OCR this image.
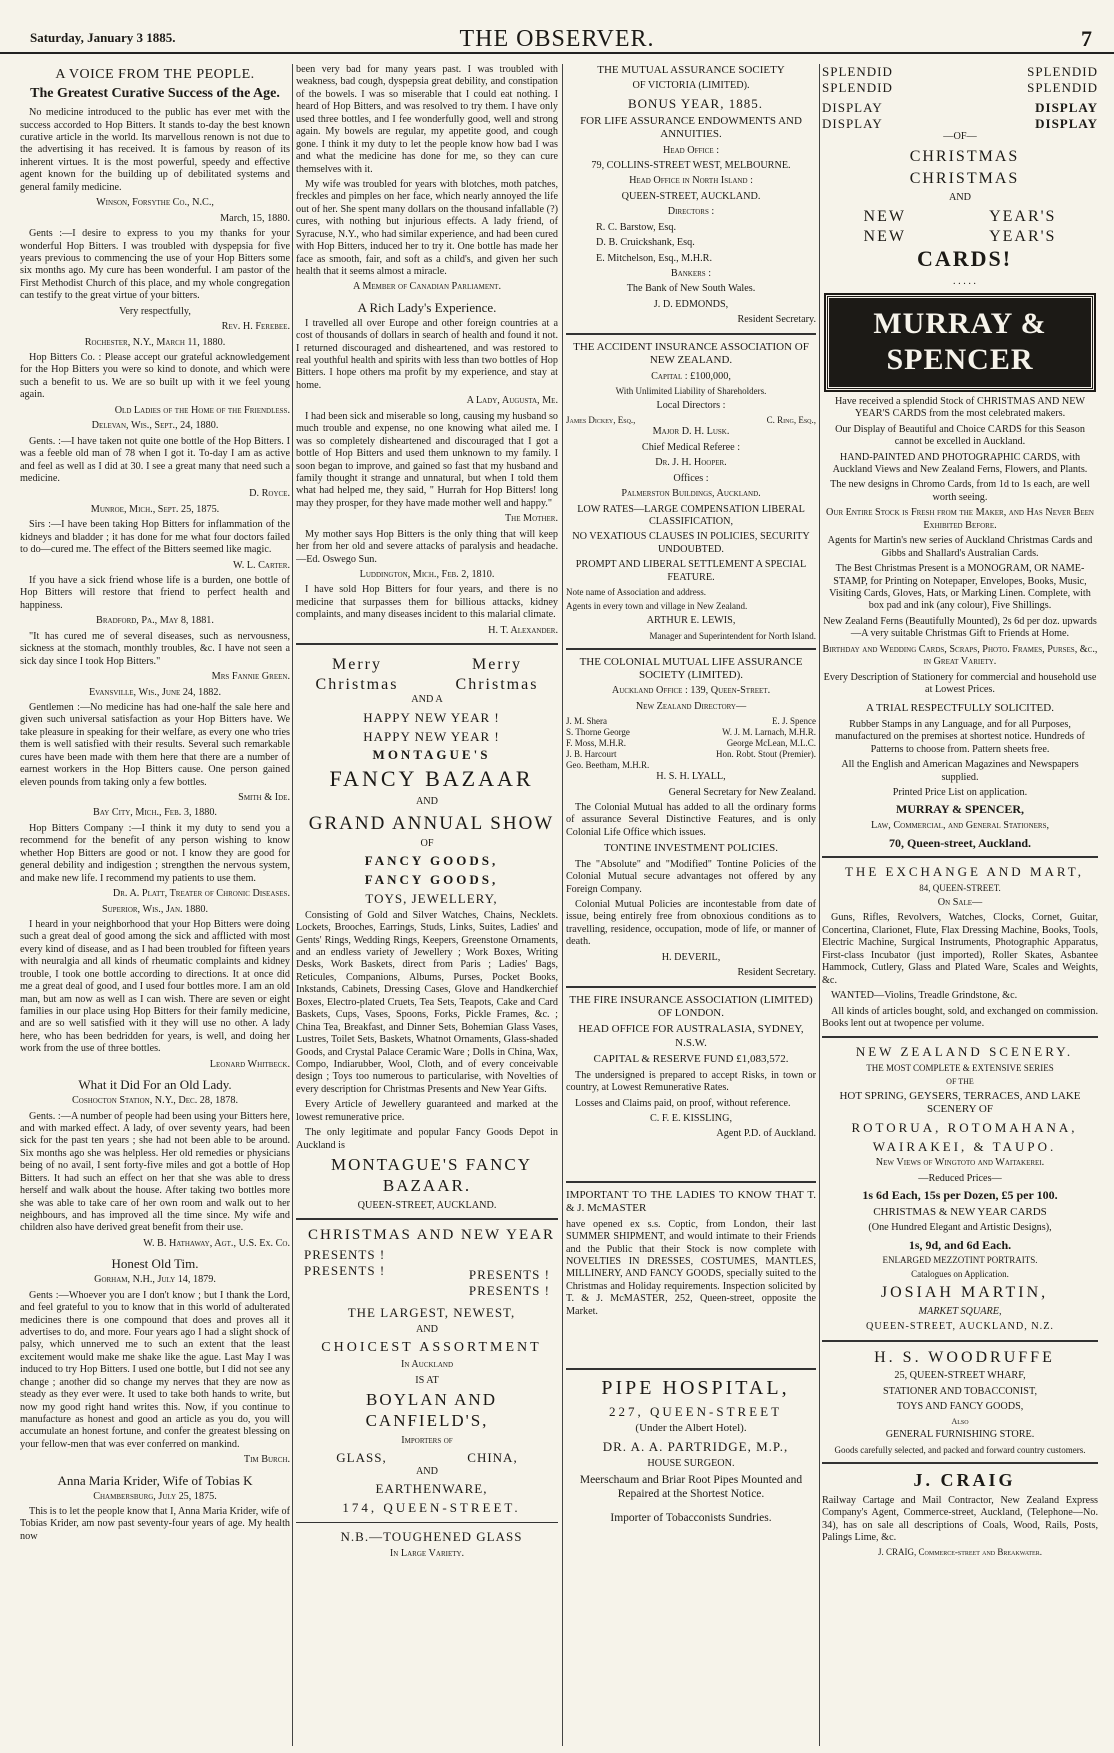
Saturday, January 3 1885.	THE OBSERVER.	7
A VOICE FROM THE PEOPLE.
The Greatest Curative Success of the Age.

No medicine introduced to the public has ever met with the success accorded to Hop Bitters. It stands to-day the best known curative article in the world. Its marvellous renown is not due to the advertising it has received. It is famous by reason of its inherent virtues. It is the most powerful, speedy and effective agent known for the building up of debilitated systems and general family medicine.

Winson, Forsythe Co., N.C.,

March, 15, 1880.

Gents :—I desire to express to you my thanks for your wonderful Hop Bitters. I was troubled with dyspepsia for five years previous to commencing the use of your Hop Bitters some six months ago. My cure has been wonderful. I am pastor of the First Methodist Church of this place, and my whole congregation can testify to the great virtue of your bitters.

Very respectfully,

Rev. H. Ferebee.

Rochester, N.Y., March 11, 1880.

Hop Bitters Co. : Please accept our grateful acknowledgement for the Hop Bitters you were so kind to donote, and which were such a benefit to us. We are so built up with it we feel young again.

Old Ladies of the Home of the Friendless.

Delevan, Wis., Sept., 24, 1880.

Gents. :—I have taken not quite one bottle of the Hop Bitters. I was a feeble old man of 78 when I got it. To-day I am as active and feel as well as I did at 30. I see a great many that need such a medicine.

D. Royce.

Munroe, Mich., Sept. 25, 1875.

Sirs :—I have been taking Hop Bitters for inflammation of the kidneys and bladder ; it has done for me what four doctors failed to do—cured me. The effect of the Bitters seemed like magic.

W. L. Carter.

If you have a sick friend whose life is a burden, one bottle of Hop Bitters will restore that friend to perfect health and happiness.

Bradford, Pa., May 8, 1881.

"It has cured me of several diseases, such as nervousness, sickness at the stomach, monthly troubles, &c. I have not seen a sick day since I took Hop Bitters."

Mrs Fannie Green.

Evansville, Wis., June 24, 1882.

Gentlemen :—No medicine has had one-half the sale here and given such universal satisfaction as your Hop Bitters have. We take pleasure in speaking for their welfare, as every one who tries them is well satisfied with their results. Several such remarkable cures have been made with them here that there are a number of earnest workers in the Hop Bitters cause. One person gained eleven pounds from taking only a few bottles.

Smith & Ide.

Bay City, Mich., Feb. 3, 1880.

Hop Bitters Company :—I think it my duty to send you a recommend for the benefit of any person wishing to know whether Hop Bitters are good or not. I know they are good for general debility and indigestion ; strengthen the nervous system, and make new life. I recommend my patients to use them.

Dr. A. Platt, Treater of Chronic Diseases.

Superior, Wis., Jan. 1880.

I heard in your neighborhood that your Hop Bitters were doing such a great deal of good among the sick and afflicted with most every kind of disease, and as I had been troubled for fifteen years with neuralgia and all kinds of rheumatic complaints and kidney trouble, I took one bottle according to directions. It at once did me a great deal of good, and I used four bottles more. I am an old man, but am now as well as I can wish. There are seven or eight families in our place using Hop Bitters for their family medicine, and are so well satisfied with it they will use no other. A lady here, who has been bedridden for years, is well, and doing her work from the use of three bottles.

Leonard Whitbeck.

What it Did For an Old Lady.

Coshocton Station, N.Y., Dec. 28, 1878.

Gents. :—A number of people had been using your Bitters here, and with marked effect. A lady, of over seventy years, had been sick for the past ten years ; she had not been able to be around. Six months ago she was helpless. Her old remedies or physicians being of no avail, I sent forty-five miles and got a bottle of Hop Bitters. It had such an effect on her that she was able to dress herself and walk about the house. After taking two bottles more she was able to take care of her own room and walk out to her neighbours, and has improved all the time since. My wife and children also have derived great benefit from their use.

W. B. Hathaway, Agt., U.S. Ex. Co.

Honest Old Tim.

Gorham, N.H., July 14, 1879.

Gents :—Whoever you are I don't know ; but I thank the Lord, and feel grateful to you to know that in this world of adulterated medicines there is one compound that does and proves all it advertises to do, and more. Four years ago I had a slight shock of palsy, which unnerved me to such an extent that the least excitement would make me shake like the ague. Last May I was induced to try Hop Bitters. I used one bottle, but I did not see any change ; another did so change my nerves that they are now as steady as they ever were. It used to take both hands to write, but now my good right hand writes this. Now, if you continue to manufacture as honest and good an article as you do, you will accumulate an honest fortune, and confer the greatest blessing on your fellow-men that was ever conferred on mankind.

Tim Burch.

Anna Maria Krider, Wife of Tobias K

Chambersburg, July 25, 1875.

This is to let the people know that I, Anna Maria Krider, wife of Tobias Krider, am now past seventy-four years of age. My health now

been very bad for many years past. I was troubled with weakness, bad cough, dyspepsia great debility, and constipation of the bowels. I was so miserable that I could eat nothing. I heard of Hop Bitters, and was resolved to try them. I have only used three bottles, and I fee wonderfully good, well and strong again. My bowels are regular, my appetite good, and cough gone. I think it my duty to let the people know how bad I was and what the medicine has done for me, so they can cure themselves with it.

My wife was troubled for years with blotches, moth patches, freckles and pimples on her face, which nearly annoyed the life out of her. She spent many dollars on the thousand infallable (?) cures, with nothing but injurious effects. A lady friend, of Syracuse, N.Y., who had similar experience, and had been cured with Hop Bitters, induced her to try it. One bottle has made her face as smooth, fair, and soft as a child's, and given her such health that it seems almost a miracle.

A Member of Canadian Parliament.

A Rich Lady's Experience.

I travelled all over Europe and other foreign countries at a cost of thousands of dollars in search of health and found it not. I returned discouraged and disheartened, and was restored to real youthful health and spirits with less than two bottles of Hop Bitters. I hope others ma profit by my experience, and stay at home.

A Lady, Augusta, Me.

I had been sick and miserable so long, causing my husband so much trouble and expense, no one knowing what ailed me. I was so completely disheartened and discouraged that I got a bottle of Hop Bitters and used them unknown to my family. I soon began to improve, and gained so fast that my husband and family thought it strange and unnatural, but when I told them what had helped me, they said, " Hurrah for Hop Bitters! long may they prosper, for they have made mother well and happy."

The Mother.

My mother says Hop Bitters is the only thing that will keep her from her old and severe attacks of paralysis and headache.—Ed. Oswego Sun.

Luddington, Mich., Feb. 2, 1810.

I have sold Hop Bitters for four years, and there is no medicine that surpasses them for billious attacks, kidney complaints, and many diseases incident to this malarial climate.

H. T. Alexander.

Merry Christmas
Merry Christmas

AND A

HAPPY NEW YEAR !

HAPPY NEW YEAR !

MONTAGUE'S

FANCY BAZAAR

AND

GRAND ANNUAL SHOW

OF

FANCY GOODS,

FANCY GOODS,

TOYS, JEWELLERY,

Consisting of Gold and Silver Watches, Chains, Necklets. Lockets, Brooches, Earrings, Studs, Links, Suites, Ladies' and Gents' Rings, Wedding Rings, Keepers, Greenstone Ornaments, and an endless variety of Jewellery ; Work Boxes, Writing Desks, Work Baskets, direct from Paris ; Ladies' Bags, Reticules, Companions, Albums, Purses, Pocket Books, Inkstands, Cabinets, Dressing Cases, Glove and Handkerchief Boxes, Electro-plated Cruets, Tea Sets, Teapots, Cake and Card Baskets, Cups, Vases, Spoons, Forks, Pickle Frames, &c. ; China Tea, Breakfast, and Dinner Sets, Bohemian Glass Vases, Lustres, Toilet Sets, Baskets, Whatnot Ornaments, Glass-shaded Goods, and Crystal Palace Ceramic Ware ; Dolls in China, Wax, Compo, Indiarubber, Wool, Cloth, and of every conceivable design ; Toys too numerous to particularise, with Novelties of every description for Christmas Presents and New Year Gifts.

Every Article of Jewellery guaranteed and marked at the lowest remunerative price.

The only legitimate and popular Fancy Goods Depot in Auckland is

MONTAGUE'S FANCY BAZAAR.

QUEEN-STREET, AUCKLAND.

CHRISTMAS AND NEW YEAR

PRESENTS !
PRESENTS !	PRESENTS !
PRESENTS !

THE LARGEST, NEWEST,

AND

CHOICEST ASSORTMENT

In Auckland

IS AT

BOYLAN AND CANFIELD'S,

Importers of

GLASS,	CHINA,

AND

EARTHENWARE,

174, QUEEN-STREET.

N.B.—TOUGHENED GLASS

In Large Variety.

THE MUTUAL ASSURANCE SOCIETY

OF VICTORIA (LIMITED).

BONUS YEAR, 1885.

FOR LIFE ASSURANCE ENDOWMENTS AND ANNUITIES.

Head Office :

79, COLLINS-STREET WEST, MELBOURNE.

Head Office in North Island :

QUEEN-STREET, AUCKLAND.

Directors :

R. C. Barstow, Esq.

D. B. Cruickshank, Esq.

E. Mitchelson, Esq., M.H.R.

Bankers :

The Bank of New South Wales.

J. D. EDMONDS,

Resident Secretary.

THE ACCIDENT INSURANCE ASSOCIATION OF NEW ZEALAND.

Capital : £100,000,

With Unlimited Liability of Shareholders.

Local Directors :

James Dickey, Esq.,	C. Ring, Esq.,

Major D. H. Lusk.

Chief Medical Referee :

Dr. J. H. Hooper.

Offices :

Palmerston Buildings, Auckland.

LOW RATES—LARGE COMPENSATION LIBERAL CLASSIFICATION,

NO VEXATIOUS CLAUSES IN POLICIES, SECURITY UNDOUBTED.

PROMPT AND LIBERAL SETTLEMENT A SPECIAL FEATURE.

Note name of Association and address.

Agents in every town and village in New Zealand.

ARTHUR E. LEWIS,

Manager and Superintendent for North Island.

THE COLONIAL MUTUAL LIFE ASSURANCE SOCIETY (LIMITED).

Auckland Office : 139, Queen-Street.

New Zealand Directory—

J. M. Shera	E. J. Spence
S. Thorne George	W. J. M. Larnach, M.H.R.
F. Moss, M.H.R.	George McLean, M.L.C.
J. B. Harcourt	Hon. Robt. Stout (Premier).
Geo. Beetham, M.H.R.

H. S. H. LYALL,

General Secretary for New Zealand.

The Colonial Mutual has added to all the ordinary forms of assurance Several Distinctive Features, and is only Colonial Life Office which issues.

TONTINE INVESTMENT POLICIES.

The "Absolute" and "Modified" Tontine Policies of the Colonial Mutual secure advantages not offered by any Foreign Company.

Colonial Mutual Policies are incontestable from date of issue, being entirely free from obnoxious conditions as to travelling, residence, occupation, mode of life, or manner of death.

H. DEVERIL,

Resident Secretary.

THE FIRE INSURANCE ASSOCIATION (LIMITED) OF LONDON.

HEAD OFFICE FOR AUSTRALASIA, SYDNEY, N.S.W.

CAPITAL & RESERVE FUND £1,083,572.

The undersigned is prepared to accept Risks, in town or country, at Lowest Remunerative Rates.

Losses and Claims paid, on proof, without reference.

C. F. E. KISSLING,

Agent P.D. of Auckland.

IMPORTANT TO THE LADIES TO KNOW THAT T. & J. McMASTER

have opened ex s.s. Coptic, from London, their last SUMMER SHIPMENT, and would intimate to their Friends and the Public that their Stock is now complete with NOVELTIES IN DRESSES, COSTUMES, MANTLES, MILLINERY, AND FANCY GOODS, specially suited to the Christmas and Holiday requirements. Inspection solicited by T. & J. McMASTER, 252, Queen-street, opposite the Market.

PIPE HOSPITAL,

227, QUEEN-STREET

(Under the Albert Hotel).

DR. A. A. PARTRIDGE, M.P.,

HOUSE SURGEON.

Meerschaum and Briar Root Pipes Mounted and Repaired at the Shortest Notice.

Importer of Tobacconists Sundries.

SPLENDID
SPLENDID
SPLENDID
SPLENDID
DISPLAY
DISPLAY
DISPLAY
DISPLAY

—OF—

CHRISTMAS

CHRISTMAS

AND

NEW
NEW
YEAR'S
YEAR'S

CARDS!

. . . . .

MURRAY & SPENCER

Have received a splendid Stock of CHRISTMAS AND NEW YEAR'S CARDS from the most celebrated makers.

Our Display of Beautiful and Choice CARDS for this Season cannot be excelled in Auckland.

HAND-PAINTED AND PHOTOGRAPHIC CARDS, with Auckland Views and New Zealand Ferns, Flowers, and Plants.

The new designs in Chromo Cards, from 1d to 1s each, are well worth seeing.

Our Entire Stock is Fresh from the Maker, and Has Never Been Exhibited Before.

Agents for Martin's new series of Auckland Christmas Cards and Gibbs and Shallard's Australian Cards.

The Best Christmas Present is a MONOGRAM, OR NAME-STAMP, for Printing on Notepaper, Envelopes, Books, Music, Visiting Cards, Gloves, Hats, or Marking Linen. Complete, with box pad and ink (any colour), Five Shillings.

New Zealand Ferns (Beautifully Mounted), 2s 6d per doz. upwards—A very suitable Christmas Gift to Friends at Home.

Birthday and Wedding Cards, Scraps, Photo. Frames, Purses, &c., in Great Variety.

Every Description of Stationery for commercial and household use at Lowest Prices.

A TRIAL RESPECTFULLY SOLICITED.

Rubber Stamps in any Language, and for all Purposes, manufactured on the premises at shortest notice. Hundreds of Patterns to choose from. Pattern sheets free.

All the English and American Magazines and Newspapers supplied.

Printed Price List on application.

MURRAY & SPENCER,

Law, Commercial, and General Stationers,

70, Queen-street, Auckland.

THE EXCHANGE AND MART,

84, QUEEN-STREET.

On Sale—

Guns, Rifles, Revolvers, Watches, Clocks, Cornet, Guitar, Concertina, Clarionet, Flute, Flax Dressing Machine, Books, Tools, Electric Machine, Surgical Instruments, Photographic Apparatus, First-class Incubator (just imported), Roller Skates, Asbantee Hammock, Cutlery, Glass and Plated Ware, Scales and Weights, &c.

WANTED—Violins, Treadle Grindstone, &c.

All kinds of articles bought, sold, and exchanged on commission. Books lent out at twopence per volume.

NEW ZEALAND SCENERY.

THE MOST COMPLETE & EXTENSIVE SERIES

OF THE

HOT SPRING, GEYSERS, TERRACES, AND LAKE SCENERY OF

ROTORUA, ROTOMAHANA,

WAIRAKEI, & TAUPO.

New Views of Wingtoto and Waitakerei.

—Reduced Prices—

1s 6d Each, 15s per Dozen, £5 per 100.

CHRISTMAS & NEW YEAR CARDS

(One Hundred Elegant and Artistic Designs),

1s, 9d, and 6d Each.

ENLARGED MEZZOTINT PORTRAITS.

Catalogues on Application.

JOSIAH MARTIN,

MARKET SQUARE,

QUEEN-STREET, AUCKLAND, N.Z.

H. S. WOODRUFFE

25, QUEEN-STREET WHARF,

STATIONER AND TOBACCONIST,

TOYS AND FANCY GOODS,

Also

GENERAL FURNISHING STORE.

Goods carefully selected, and packed and forward country customers.

J. CRAIG

Railway Cartage and Mail Contractor, New Zealand Express Company's Agent, Commerce-street, Auckland, (Telephone—No. 34), has on sale all descriptions of Coals, Wood, Rails, Posts, Palings Lime, &c.

J. CRAIG, Commerce-street and Breakwater.
